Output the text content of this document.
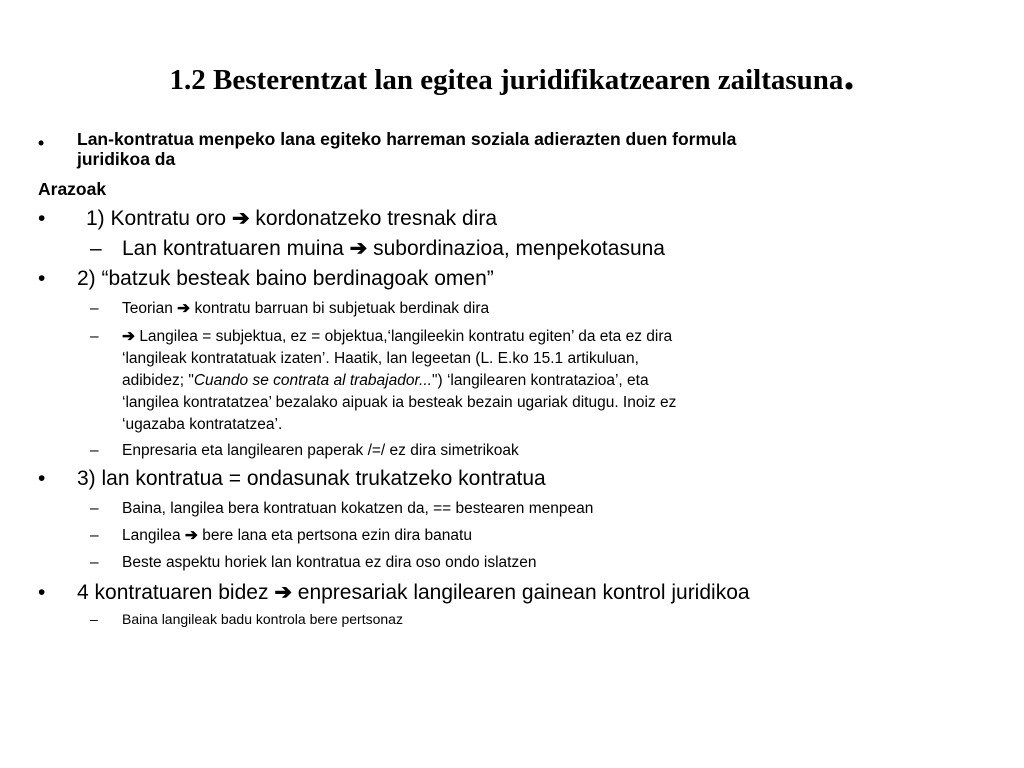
1.2 Besterentzat lan egitea juridifikatzearen zailtasuna.
• Lan-kontratua menpeko lana egiteko harreman soziala adierazten duen formula
juridikoa da
Arazoak
• 1) Kontratu oro ➔ kordonatzeko tresnak dira
– Lan kontratuaren muina ➔ subordinazioa, menpekotasuna
• 2) “batzuk besteak baino berdinagoak omen”
– Teorian ➔ kontratu barruan bi subjetuak berdinak dira
– ➔ Langilea = subjektua, ez = objektua,‘langileekin kontratu egiten’ da eta ez dira
‘langileak kontratatuak izaten’. Haatik, lan legeetan (L. E.ko 15.1 artikuluan,
adibidez; "Cuando se contrata al trabajador...") ‘langilearen kontratazioa’, eta
‘langilea kontratatzea’ bezalako aipuak ia besteak bezain ugariak ditugu. Inoiz ez
‘ugazaba kontratatzea’.
– Enpresaria eta langilearen paperak /=/ ez dira simetrikoak
• 3) lan kontratua = ondasunak trukatzeko kontratua
– Baina, langilea bera kontratuan kokatzen da, == bestearen menpean
– Langilea ➔ bere lana eta pertsona ezin dira banatu
– Beste aspektu horiek lan kontratua ez dira oso ondo islatzen
• 4 kontratuaren bidez ➔ enpresariak langilearen gainean kontrol juridikoa
– Baina langileak badu kontrola bere pertsonaz
